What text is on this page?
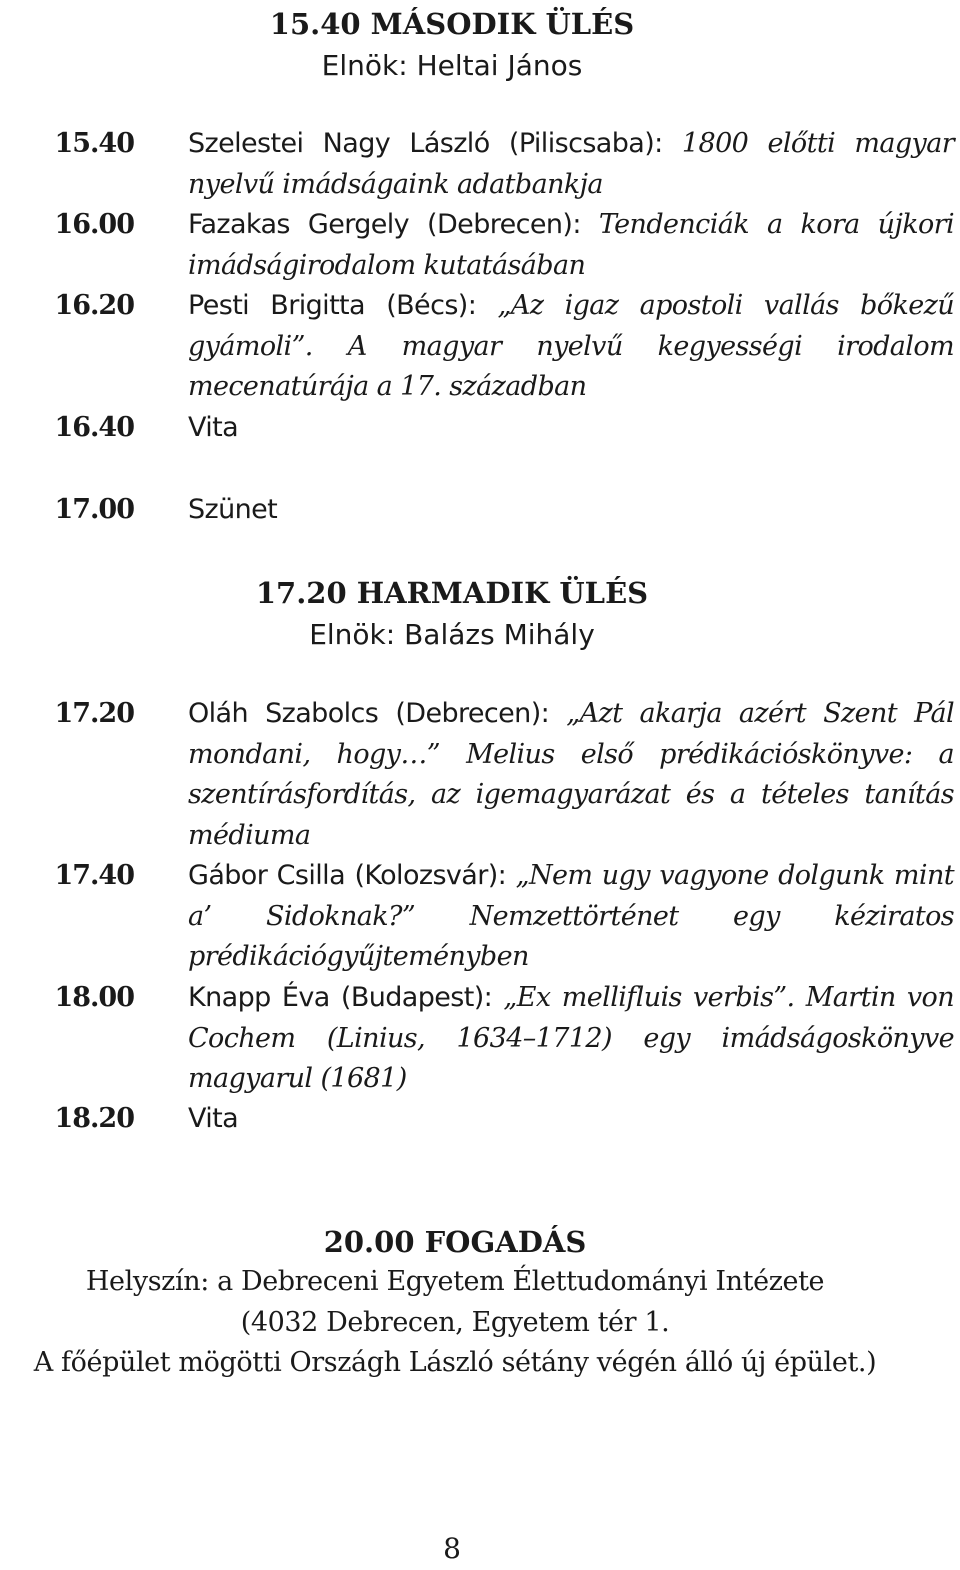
15.40 MÁSODIK ÜLÉS
Elnök: Heltai János
15.40 Szelestei Nagy László (Piliscsaba): 1800 előtti magyar nyelvű imádságaink adatbankja
16.00 Fazakas Gergely (Debrecen): Tendenciák a kora újkori imádságirodalom kutatásában
16.20 Pesti Brigitta (Bécs): „Az igaz apostoli vallás bőkezű gyámoli”. A magyar nyelvű kegyességi irodalom mecenatúrája a 17. században
16.40 Vita
17.00 Szünet
17.20 HARMADIK ÜLÉS
Elnök: Balázs Mihály
17.20 Oláh Szabolcs (Debrecen): „Azt akarja azért Szent Pál mondani, hogy…” Melius első prédikációskönyve: a szentírásfordítás, az igemagyarázat és a tételes tanítás médiuma
17.40 Gábor Csilla (Kolozsvár): „Nem ugy vagyone dolgunk mint a’ Sidoknak?” Nemzettörténet egy kéziratos prédikációgyűjteményben
18.00 Knapp Éva (Budapest): „Ex mellifluis verbis”. Martin von Cochem (Linius, 1634–1712) egy imádságoskönyve magyarul (1681)
18.20 Vita
20.00 FOGADÁS
Helyszín: a Debreceni Egyetem Élettudományi Intézete
(4032 Debrecen, Egyetem tér 1.
A főépület mögötti Országh László sétány végén álló új épület.)
8
